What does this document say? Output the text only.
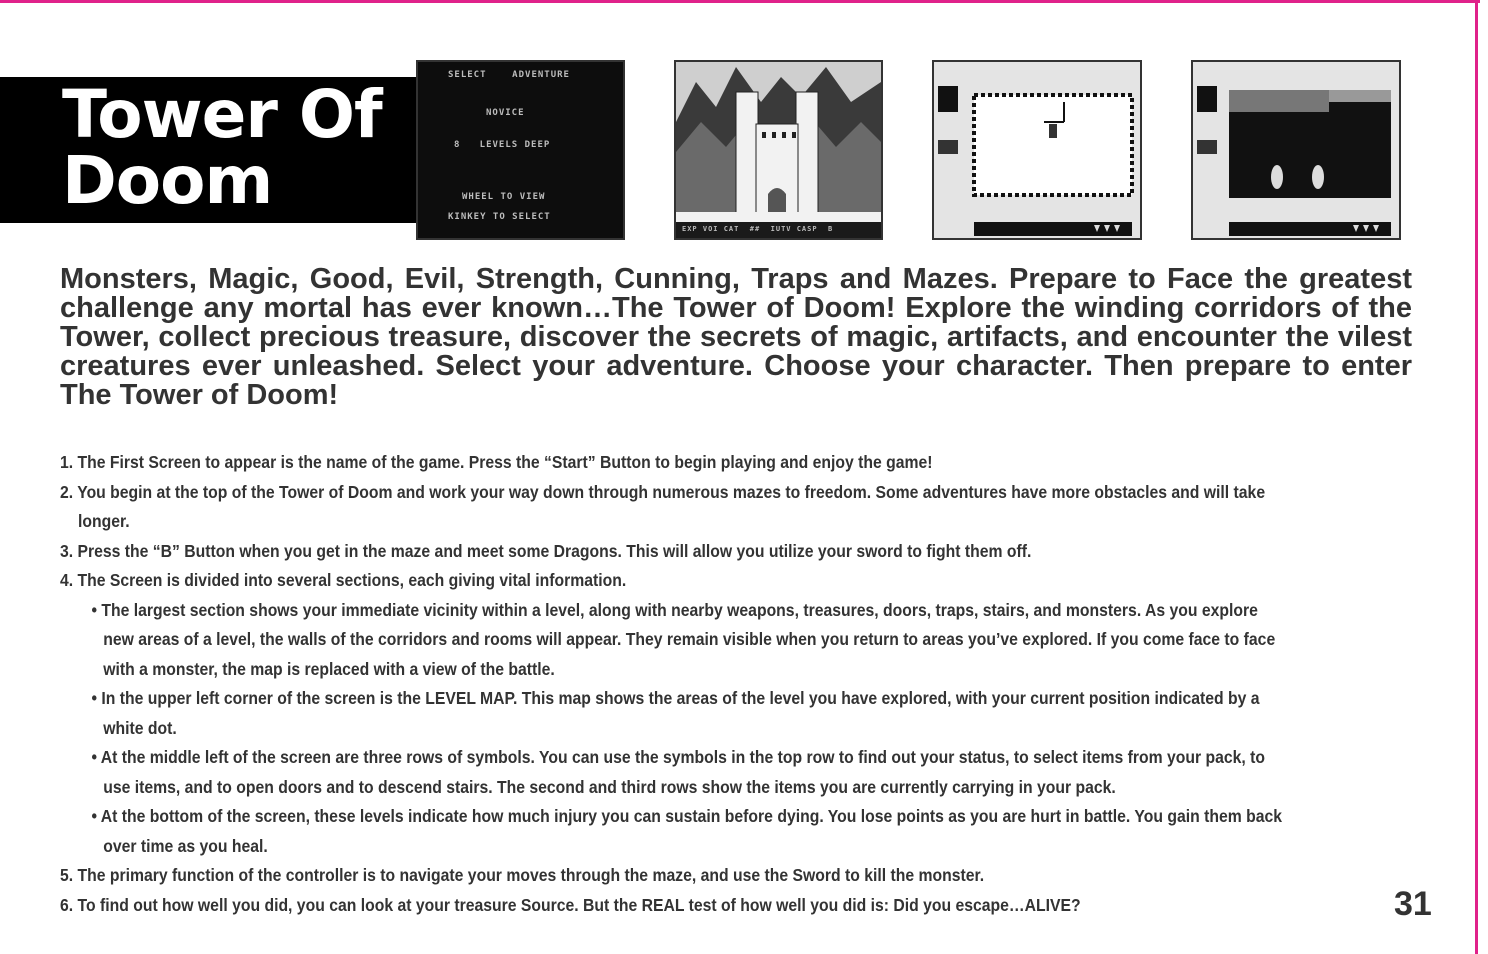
Tower Of
Doom
SELECT    ADVENTURE
NOVICE
8   LEVELS DEEP
WHEEL TO VIEW
KINKEY TO SELECT
EXP VOI CAT  ##  IUTV CASP  B

Monsters, Magic, Good, Evil, Strength, Cunning, Traps and Mazes. Prepare to Face the greatest challenge any mortal has ever known…The Tower of Doom! Explore the winding corridors of the Tower, collect precious treasure, discover the secrets of magic, artifacts, and encounter the vilest creatures ever unleashed. Select your adventure. Choose your character. Then prepare to enter The Tower of Doom!

1. The First Screen to appear is the name of the game. Press the “Start” Button to begin playing and enjoy the game!

2. You begin at the top of the Tower of Doom and work your way down through numerous mazes to freedom. Some adventures have more obstacles and will take longer.

3. Press the “B” Button when you get in the maze and meet some Dragons. This will allow you utilize your sword to fight them off.

4. The Screen is divided into several sections, each giving vital information.

• The largest section shows your immediate vicinity within a level, along with nearby weapons, treasures, doors, traps, stairs, and monsters. As you explore new areas of a level, the walls of the corridors and rooms will appear. They remain visible when you return to areas you’ve explored. If you come face to face with a monster, the map is replaced with a view of the battle.

• In the upper left corner of the screen is the LEVEL MAP. This map shows the areas of the level you have explored, with your current position indicated by a white dot.

• At the middle left of the screen are three rows of symbols. You can use the symbols in the top row to find out your status, to select items from your pack, to use items, and to open doors and to descend stairs. The second and third rows show the items you are currently carrying in your pack.

• At the bottom of the screen, these levels indicate how much injury you can sustain before dying. You lose points as you are hurt in battle. You gain them back over time as you heal.

5. The primary function of the controller is to navigate your moves through the maze, and use the Sword to kill the monster.

6. To find out how well you did, you can look at your treasure Source. But the REAL test of how well you did is: Did you escape…ALIVE?	31
